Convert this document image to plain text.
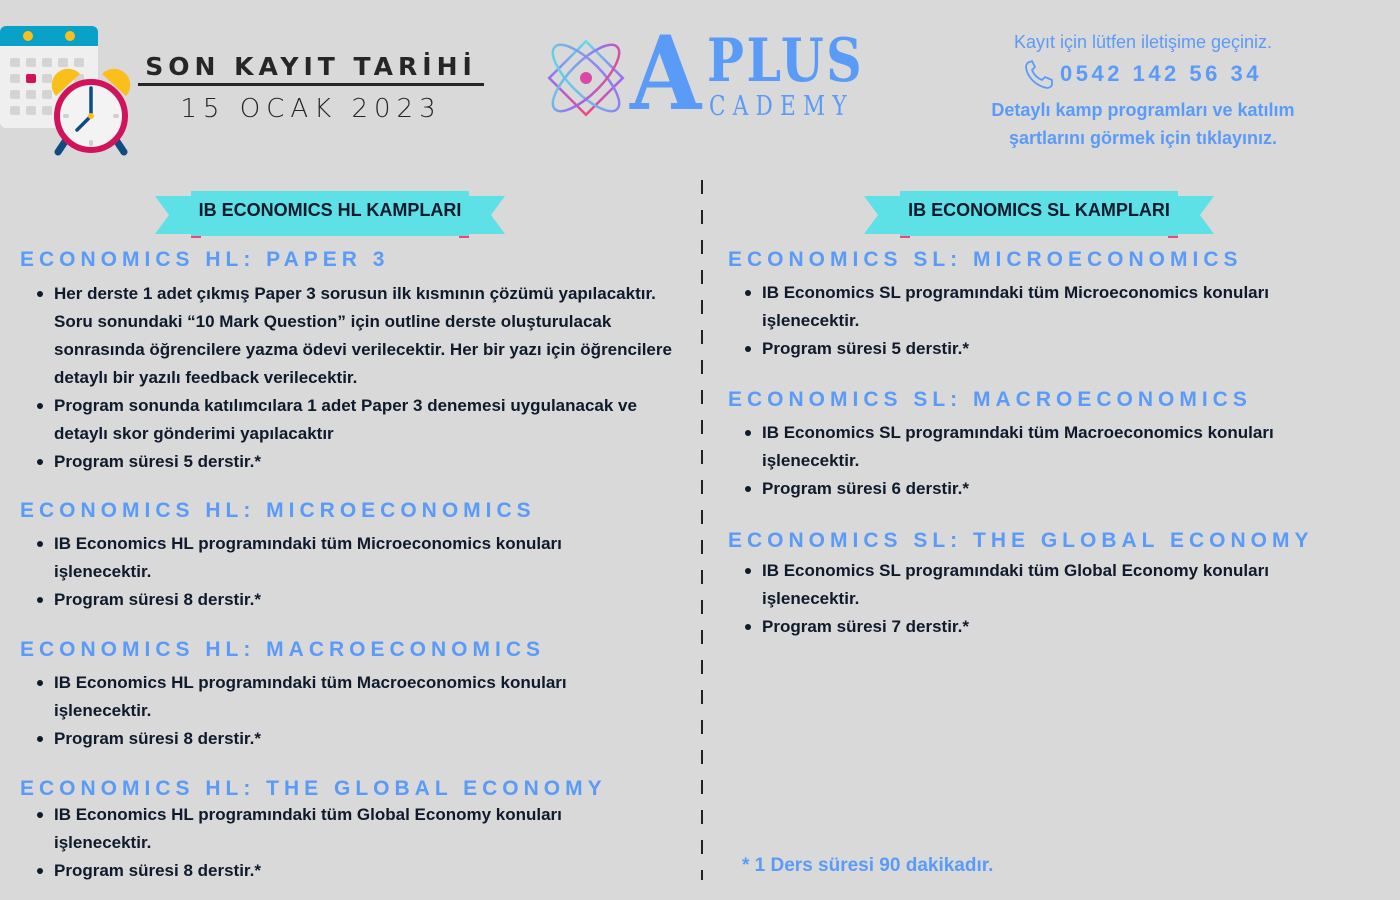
SON KAYIT TARİHİ
15 OCAK 2023	A PLUS
CADEMY
Kayıt için lütfen iletişime geçiniz.
0542 142 56 34
Detaylı kamp programları ve katılım şartlarını görmek için tıklayınız.
IB ECONOMICS HL KAMPLARI	IB ECONOMICS SL KAMPLARI
ECONOMICS HL: PAPER 3
Her derste 1 adet çıkmış Paper 3 sorusun ilk kısmının çözümü yapılacaktır. Soru sonundaki “10 Mark Question” için outline derste oluşturulacak sonrasında öğrencilere yazma ödevi verilecektir. Her bir yazı için öğrencilere detaylı bir yazılı feedback verilecektir.
Program sonunda katılımcılara 1 adet Paper 3 denemesi uygulanacak ve detaylı skor gönderimi yapılacaktır
Program süresi 5 derstir.*
ECONOMICS HL: MICROECONOMICS
IB Economics HL programındaki tüm Microeconomics konuları işlenecektir.
Program süresi 8 derstir.*
ECONOMICS HL: MACROECONOMICS
IB Economics HL programındaki tüm Macroeconomics konuları işlenecektir.
Program süresi 8 derstir.*
ECONOMICS HL: THE GLOBAL ECONOMY
IB Economics HL programındaki tüm Global Economy konuları işlenecektir.
Program süresi 8 derstir.*
ECONOMICS SL: MICROECONOMICS
IB Economics SL programındaki tüm Microeconomics konuları işlenecektir.
Program süresi 5 derstir.*
ECONOMICS SL: MACROECONOMICS
IB Economics SL programındaki tüm Macroeconomics konuları işlenecektir.
Program süresi 6 derstir.*
ECONOMICS SL: THE GLOBAL ECONOMY
IB Economics SL programındaki tüm Global Economy konuları işlenecektir.
Program süresi 7 derstir.*
* 1 Ders süresi 90 dakikadır.
